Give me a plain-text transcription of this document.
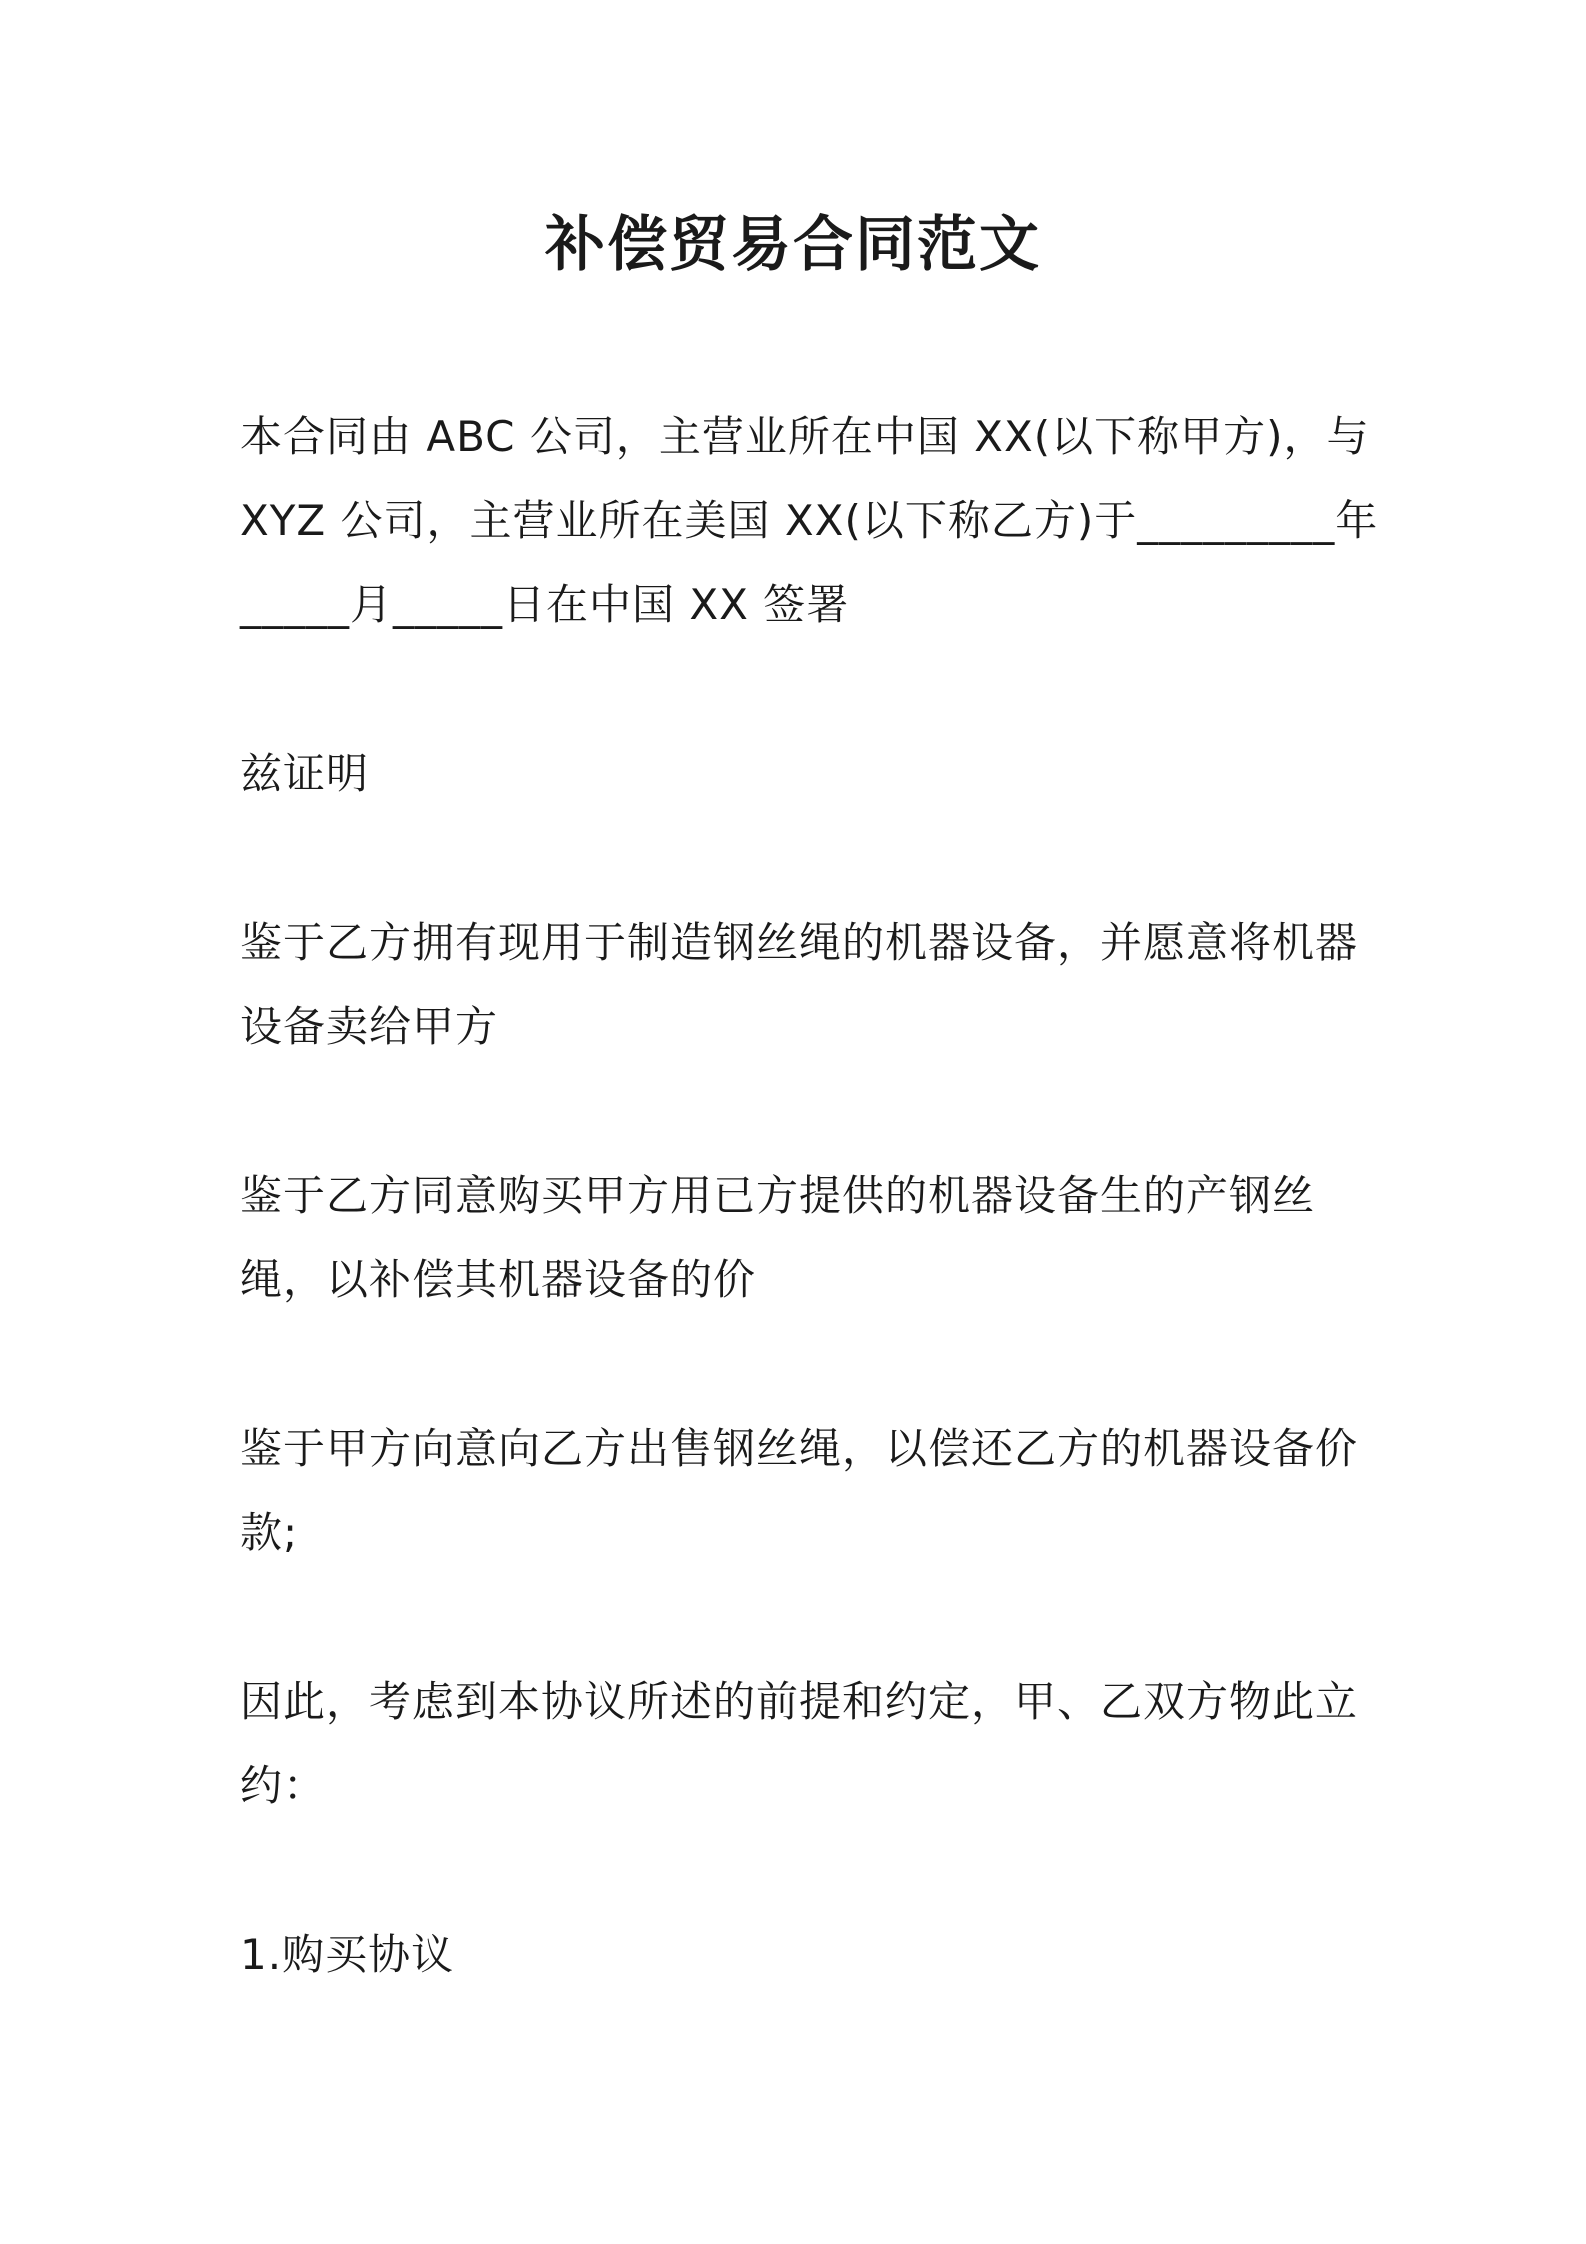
补偿贸易合同范文
本合同由 ABC 公司，主营业所在中国 XX(以下称甲方)，与
XYZ 公司，主营业所在美国 XX(以下称乙方)于_________年
_____月_____日在中国 XX 签署
兹证明
鉴于乙方拥有现用于制造钢丝绳的机器设备，并愿意将机器
设备卖给甲方
鉴于乙方同意购买甲方用已方提供的机器设备生的产钢丝
绳，以补偿其机器设备的价
鉴于甲方向意向乙方出售钢丝绳，以偿还乙方的机器设备价
款;
因此，考虑到本协议所述的前提和约定，甲、乙双方物此立
约：
1.购买协议
